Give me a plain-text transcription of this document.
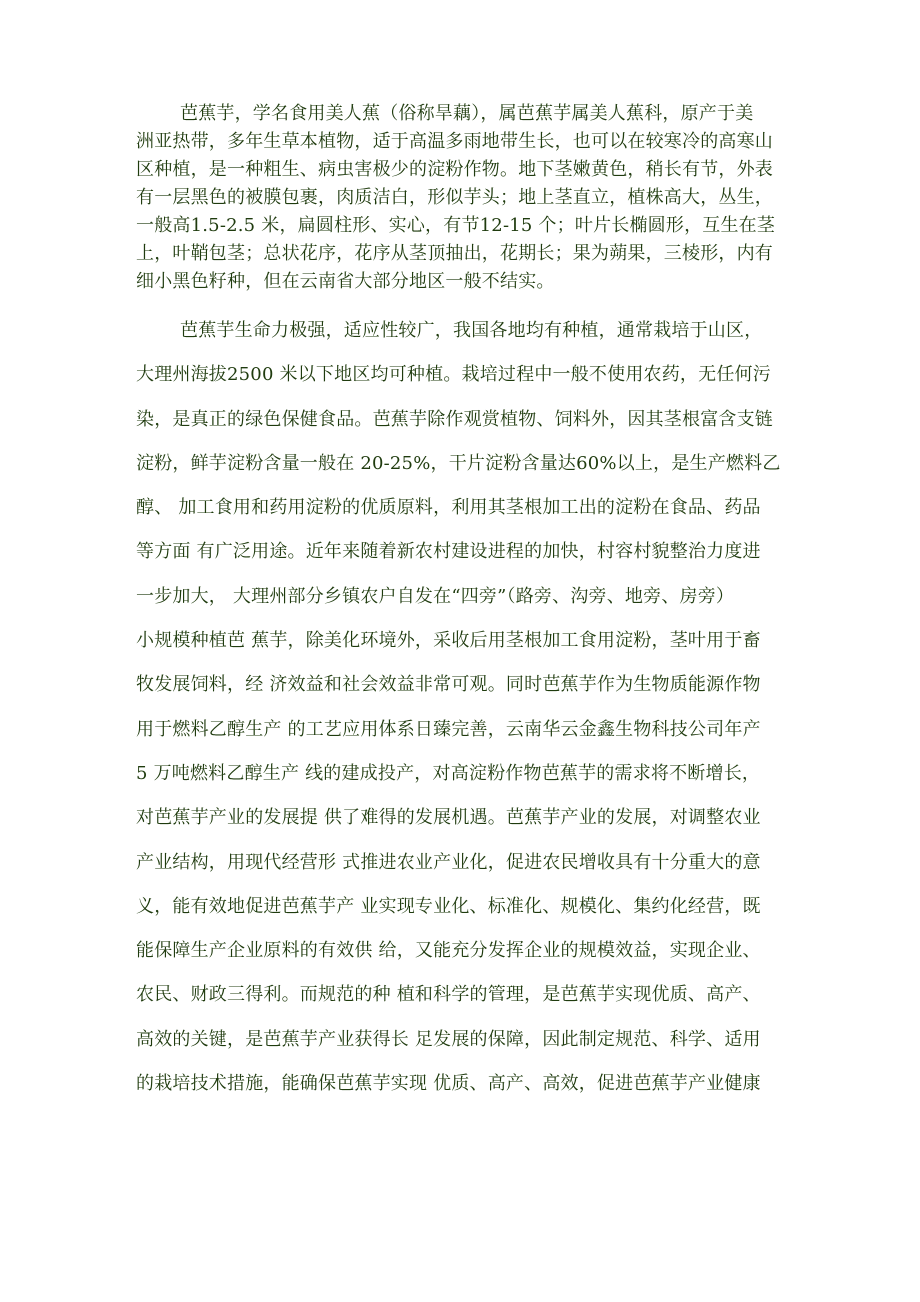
芭蕉芋，学名食用美人蕉（俗称旱藕），属芭蕉芋属美人蕉科，原产于美
洲亚热带，多年生草本植物，适于高温多雨地带生长，也可以在较寒冷的高寒山
区种植，是一种粗生、病虫害极少的淀粉作物。地下茎嫩黄色，稍长有节，外表
有一层黑色的被膜包裹，肉质洁白，形似芋头；地上茎直立，植株高大，丛生，
一般高1.5-2.5 米，扁圆柱形、实心，有节12-15 个；叶片长椭圆形，互生在茎
上，叶鞘包茎；总状花序，花序从茎顶抽出，花期长；果为蒴果，三棱形，内有
细小黑色籽种，但在云南省大部分地区一般不结实。
芭蕉芋生命力极强，适应性较广，我国各地均有种植，通常栽培于山区，
大理州海拔2500 米以下地区均可种植。栽培过程中一般不使用农药，无任何污
染，是真正的绿色保健食品。芭蕉芋除作观赏植物、饲料外，因其茎根富含支链
淀粉，鲜芋淀粉含量一般在 20-25%，干片淀粉含量达60%以上，是生产燃料乙
醇、 加工食用和药用淀粉的优质原料，利用其茎根加工出的淀粉在食品、药品
等方面 有广泛用途。近年来随着新农村建设进程的加快，村容村貌整治力度进
一步加大， 大理州部分乡镇农户自发在“四旁”（路旁、沟旁、地旁、房旁）
小规模种植芭 蕉芋，除美化环境外，采收后用茎根加工食用淀粉，茎叶用于畜
牧发展饲料，经 济效益和社会效益非常可观。同时芭蕉芋作为生物质能源作物
用于燃料乙醇生产 的工艺应用体系日臻完善，云南华云金鑫生物科技公司年产
5 万吨燃料乙醇生产 线的建成投产，对高淀粉作物芭蕉芋的需求将不断增长，
对芭蕉芋产业的发展提 供了难得的发展机遇。芭蕉芋产业的发展，对调整农业
产业结构，用现代经营形 式推进农业产业化，促进农民增收具有十分重大的意
义，能有效地促进芭蕉芋产 业实现专业化、标准化、规模化、集约化经营，既
能保障生产企业原料的有效供 给，又能充分发挥企业的规模效益，实现企业、
农民、财政三得利。而规范的种 植和科学的管理，是芭蕉芋实现优质、高产、
高效的关键，是芭蕉芋产业获得长 足发展的保障，因此制定规范、科学、适用
的栽培技术措施，能确保芭蕉芋实现 优质、高产、高效，促进芭蕉芋产业健康
